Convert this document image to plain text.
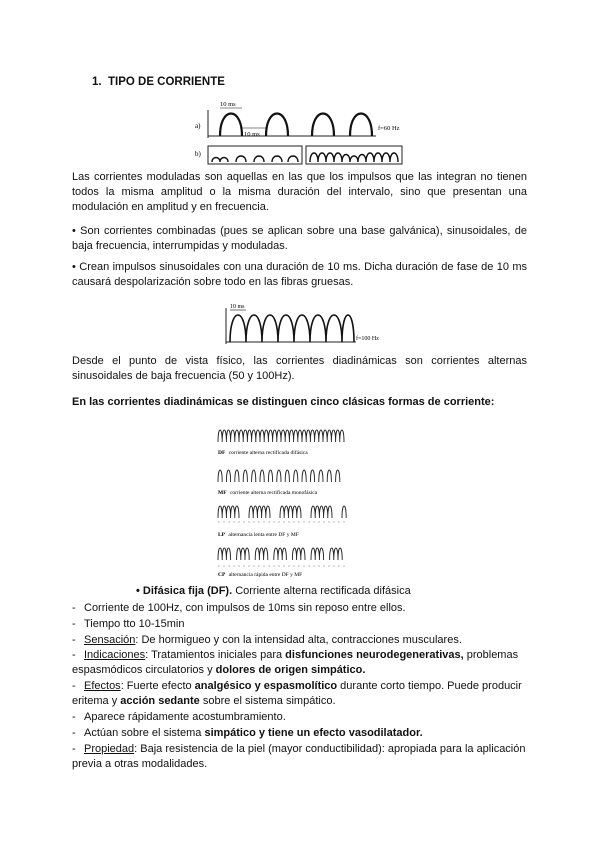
1. TIPO DE CORRIENTE
a)
b)
10 ms
10 ms
f=60 Hz
Las corrientes moduladas son aquellas en las que los impulsos que las integran no tienen todos la misma amplitud o la misma duración del intervalo, sino que presentan una modulación en amplitud y en frecuencia.
• Son corrientes combinadas (pues se aplican sobre una base galvánica), sinusoidales, de baja frecuencia, interrumpidas y moduladas.
• Crean impulsos sinusoidales con una duración de 10 ms. Dicha duración de fase de 10 ms causará despolarización sobre todo en las fibras gruesas.
10 ms
f=100 Hz
Desde el punto de vista físico, las corrientes diadinámicas son corrientes alternas sinusoidales de baja frecuencia (50 y 100Hz).
En las corrientes diadinámicas se distinguen cinco clásicas formas de corriente:
DF corriente alterna rectificada difásica
MF corriente alterna rectificada monofásica
LP alternancia lenta entre DF y MF
CP alternancia rápida entre DF y MF
• Difásica fija (DF). Corriente alterna rectificada difásica
- Corriente de 100Hz, con impulsos de 10ms sin reposo entre ellos.
- Tiempo tto 10-15min
- Sensación: De hormigueo y con la intensidad alta, contracciones musculares.
- Indicaciones: Tratamientos iniciales para disfunciones neurodegenerativas, problemas espasmódicos circulatorios y dolores de origen simpático.
- Efectos: Fuerte efecto analgésico y espasmolítico durante corto tiempo. Puede producir eritema y acción sedante sobre el sistema simpático.
- Aparece rápidamente acostumbramiento.
- Actúan sobre el sistema simpático y tiene un efecto vasodilatador.
- Propiedad: Baja resistencia de la piel (mayor conductibilidad): apropiada para la aplicación previa a otras modalidades.
